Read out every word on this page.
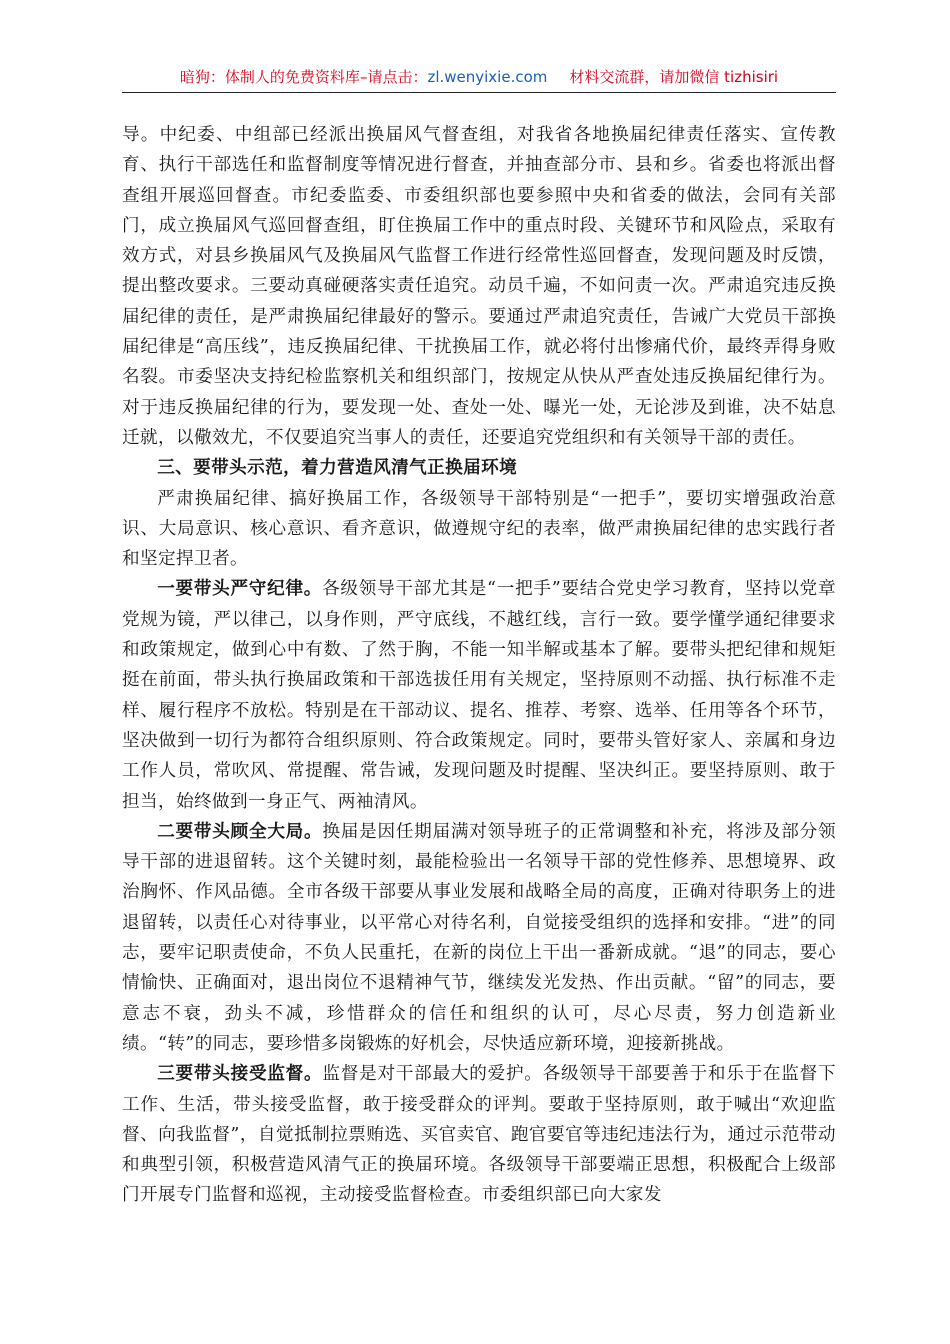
暗狗：体制人的免费资料库–请点击：zl.wenyixie.com 材料交流群，请加微信 tizhisiri

导。中纪委、中组部已经派出换届风气督查组，对我省各地换届纪律责任落实、宣传教育、执行干部选任和监督制度等情况进行督查，并抽查部分市、县和乡。省委也将派出督查组开展巡回督查。市纪委监委、市委组织部也要参照中央和省委的做法，会同有关部门，成立换届风气巡回督查组，盯住换届工作中的重点时段、关键环节和风险点，采取有效方式，对县乡换届风气及换届风气监督工作进行经常性巡回督查，发现问题及时反馈，提出整改要求。三要动真碰硬落实责任追究。动员千遍，不如问责一次。严肃追究违反换届纪律的责任，是严肃换届纪律最好的警示。要通过严肃追究责任，告诫广大党员干部换届纪律是“高压线”，违反换届纪律、干扰换届工作，就必将付出惨痛代价，最终弄得身败名裂。市委坚决支持纪检监察机关和组织部门，按规定从快从严查处违反换届纪律行为。对于违反换届纪律的行为，要发现一处、查处一处、曝光一处，无论涉及到谁，决不姑息迁就，以儆效尤，不仅要追究当事人的责任，还要追究党组织和有关领导干部的责任。

三、要带头示范，着力营造风清气正换届环境

严肃换届纪律、搞好换届工作，各级领导干部特别是“一把手”，要切实增强政治意识、大局意识、核心意识、看齐意识，做遵规守纪的表率，做严肃换届纪律的忠实践行者和坚定捍卫者。

一要带头严守纪律。各级领导干部尤其是“一把手”要结合党史学习教育，坚持以党章党规为镜，严以律己，以身作则，严守底线，不越红线，言行一致。要学懂学通纪律要求和政策规定，做到心中有数、了然于胸，不能一知半解或基本了解。要带头把纪律和规矩挺在前面，带头执行换届政策和干部选拔任用有关规定，坚持原则不动摇、执行标准不走样、履行程序不放松。特别是在干部动议、提名、推荐、考察、选举、任用等各个环节，坚决做到一切行为都符合组织原则、符合政策规定。同时，要带头管好家人、亲属和身边工作人员，常吹风、常提醒、常告诫，发现问题及时提醒、坚决纠正。要坚持原则、敢于担当，始终做到一身正气、两袖清风。

二要带头顾全大局。换届是因任期届满对领导班子的正常调整和补充，将涉及部分领导干部的进退留转。这个关键时刻，最能检验出一名领导干部的党性修养、思想境界、政治胸怀、作风品德。全市各级干部要从事业发展和战略全局的高度，正确对待职务上的进退留转，以责任心对待事业，以平常心对待名利，自觉接受组织的选择和安排。“进”的同志，要牢记职责使命，不负人民重托，在新的岗位上干出一番新成就。“退”的同志，要心情愉快、正确面对，退出岗位不退精神气节，继续发光发热、作出贡献。“留”的同志，要意志不衰，劲头不减，珍惜群众的信任和组织的认可，尽心尽责，努力创造新业绩。“转”的同志，要珍惜多岗锻炼的好机会，尽快适应新环境，迎接新挑战。

三要带头接受监督。监督是对干部最大的爱护。各级领导干部要善于和乐于在监督下工作、生活，带头接受监督，敢于接受群众的评判。要敢于坚持原则，敢于喊出“欢迎监督、向我监督”，自觉抵制拉票贿选、买官卖官、跑官要官等违纪违法行为，通过示范带动和典型引领，积极营造风清气正的换届环境。各级领导干部要端正思想，积极配合上级部门开展专门监督和巡视，主动接受监督检查。市委组织部已向大家发
